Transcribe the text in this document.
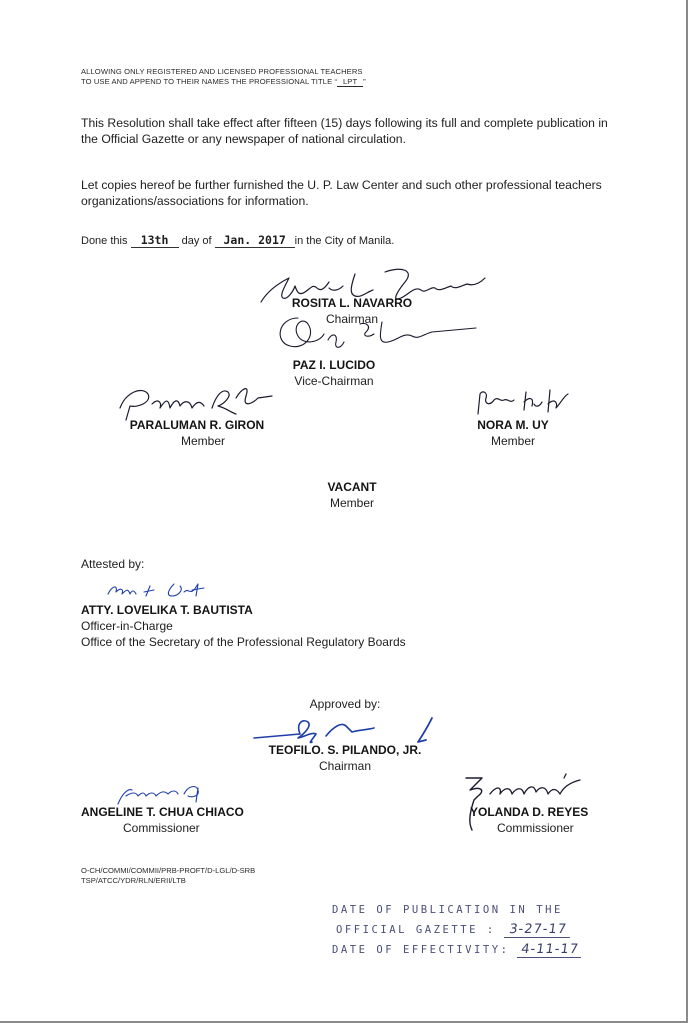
ALLOWING ONLY REGISTERED AND LICENSED PROFESSIONAL TEACHERS
TO USE AND APPEND TO THEIR NAMES THE PROFESSIONAL TITLE “ LPT ”
This Resolution shall take effect after fifteen (15) days following its full and complete publication in the Official Gazette or any newspaper of national circulation.
Let copies hereof be further furnished the U. P. Law Center and such other professional teachers organizations/associations for information.
Done this 13th day of Jan. 2017 in the City of Manila.
ROSITA L. NAVARRO
Chairman
PAZ I. LUCIDO
Vice-Chairman
PARALUMAN R. GIRON
Member
NORA M. UY
Member
VACANT
Member
Attested by:
ATTY. LOVELIKA T. BAUTISTA
Officer-in-Charge
Office of the Secretary of the Professional Regulatory Boards
Approved by:
TEOFILO. S. PILANDO, JR.
Chairman
ANGELINE T. CHUA CHIACO
Commissioner
YOLANDA D. REYES
Commissioner
O-CH/COMMI/COMMII/PRB-PROFT/D-LGL/D-SRB
TSP/ATCC/YDR/RLN/ERII/LTB
DATE OF PUBLICATION IN THE
OFFICIAL GAZETTE : 3-27-17
DATE OF EFFECTIVITY: 4-11-17
